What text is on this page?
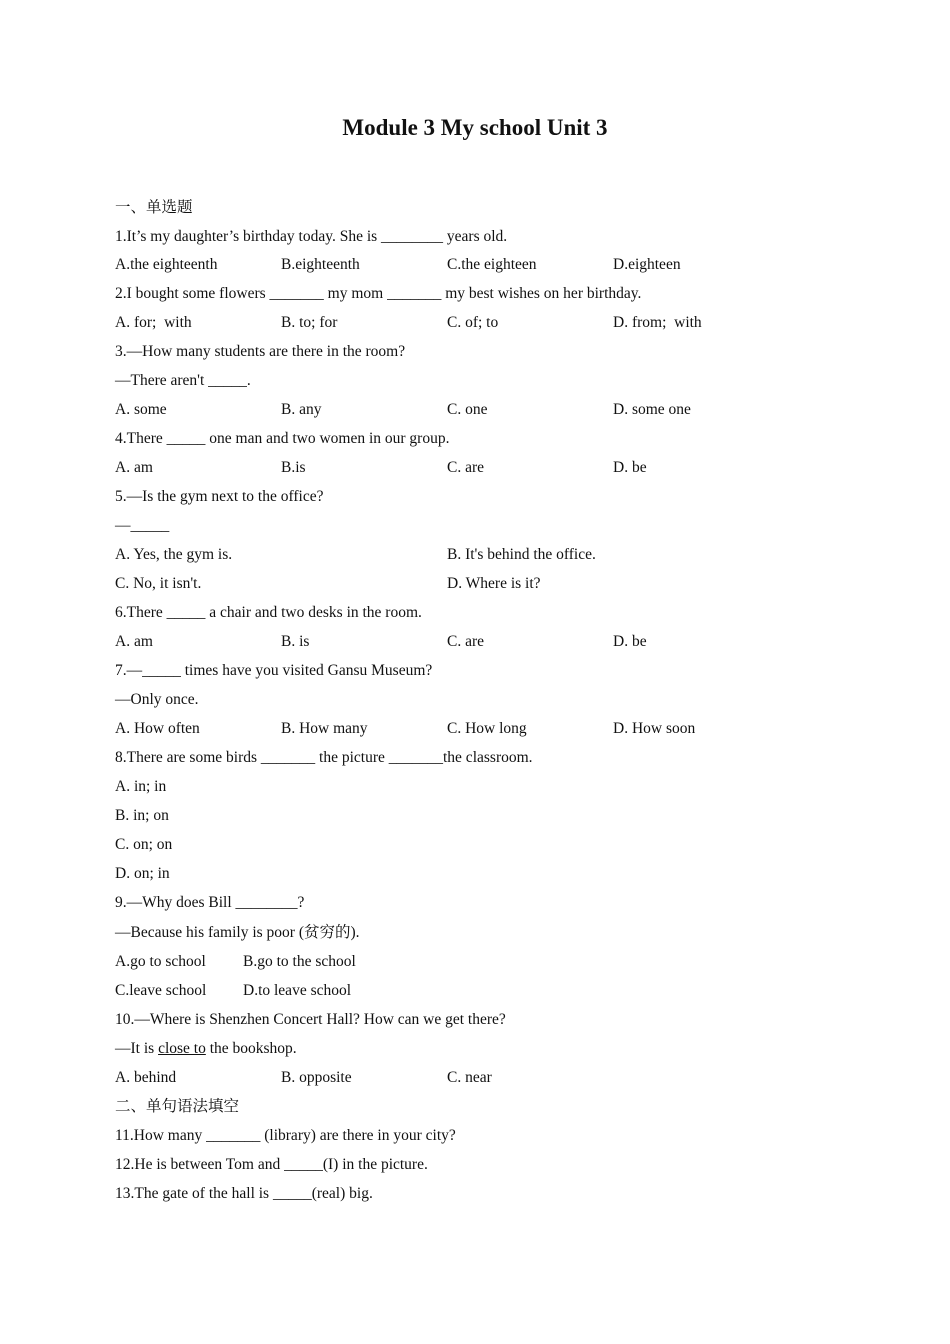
Module 3 My school Unit 3
一、单选题
1.It’s my daughter’s birthday today. She is ________ years old.
A.the eighteenth	B.eighteenth	C.the eighteen	D.eighteen
2.I bought some flowers _______ my mom _______ my best wishes on her birthday.
A. for;  with	B. to; for	C. of; to	D. from;  with
3.—How many students are there in the room?
—There aren't _____.
A. some	B. any	C. one	D. some one
4.There _____ one man and two women in our group.
A. am	B.is	C. are	D. be
5.—Is the gym next to the office?
—_____
A. Yes, the gym is.	B. It's behind the office.
C. No, it isn't.	D. Where is it?
6.There _____ a chair and two desks in the room.
A. am	B. is	C. are	D. be
7.—_____ times have you visited Gansu Museum?
—Only once.
A. How often	B. How many	C. How long	D. How soon
8.There are some birds _______ the picture _______the classroom.
A. in; in
B. in; on
C. on; on
D. on; in
9.—Why does Bill ________?
—Because his family is poor (贫穷的).
A.go to school B.go to the school
C.leave school D.to leave school
10.—Where is Shenzhen Concert Hall? How can we get there?
—It is close to the bookshop.
A. behind	B. opposite	C. near
二、单句语法填空
11.How many _______ (library) are there in your city?
12.He is between Tom and _____(I) in the picture.
13.The gate of the hall is _____(real) big.
